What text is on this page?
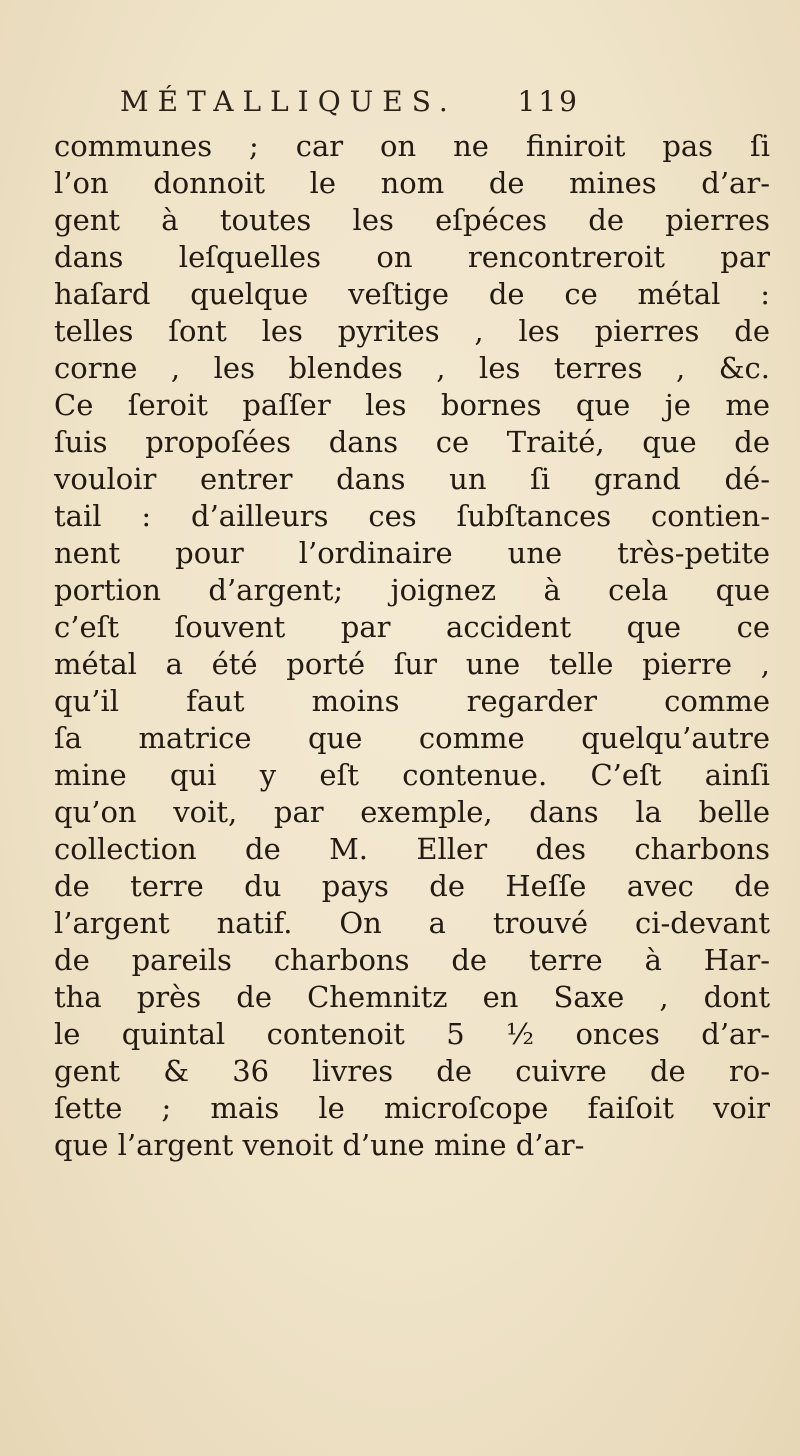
MÉTALLIQUES. 119
communes ; car on ne finiroit pas ſi
l’on donnoit le nom de mines d’ar-
gent à toutes les eſpéces de pierres
dans leſquelles on rencontreroit par
haſard quelque veſtige de ce métal :
telles ſont les pyrites , les pierres de
corne , les blendes , les terres , &c.
Ce ſeroit paſſer les bornes que je me
ſuis propoſées dans ce Traité, que de
vouloir entrer dans un ſi grand dé-
tail : d’ailleurs ces ſubſtances contien-
nent pour l’ordinaire une très-petite
portion d’argent; joignez à cela que
c’eſt ſouvent par accident que ce
métal a été porté ſur une telle pierre ,
qu’il faut moins regarder comme
ſa matrice que comme quelqu’autre
mine qui y eſt contenue. C’eſt ainſi
qu’on voit, par exemple, dans la belle
collection de M. Eller des charbons
de terre du pays de Heſſe avec de
l’argent natif. On a trouvé ci-devant
de pareils charbons de terre à Har-
tha près de Chemnitz en Saxe , dont
le quintal contenoit 5 ½ onces d’ar-
gent & 36 livres de cuivre de ro-
ſette ; mais le microſcope faiſoit voir
que l’argent venoit d’une mine d’ar-
